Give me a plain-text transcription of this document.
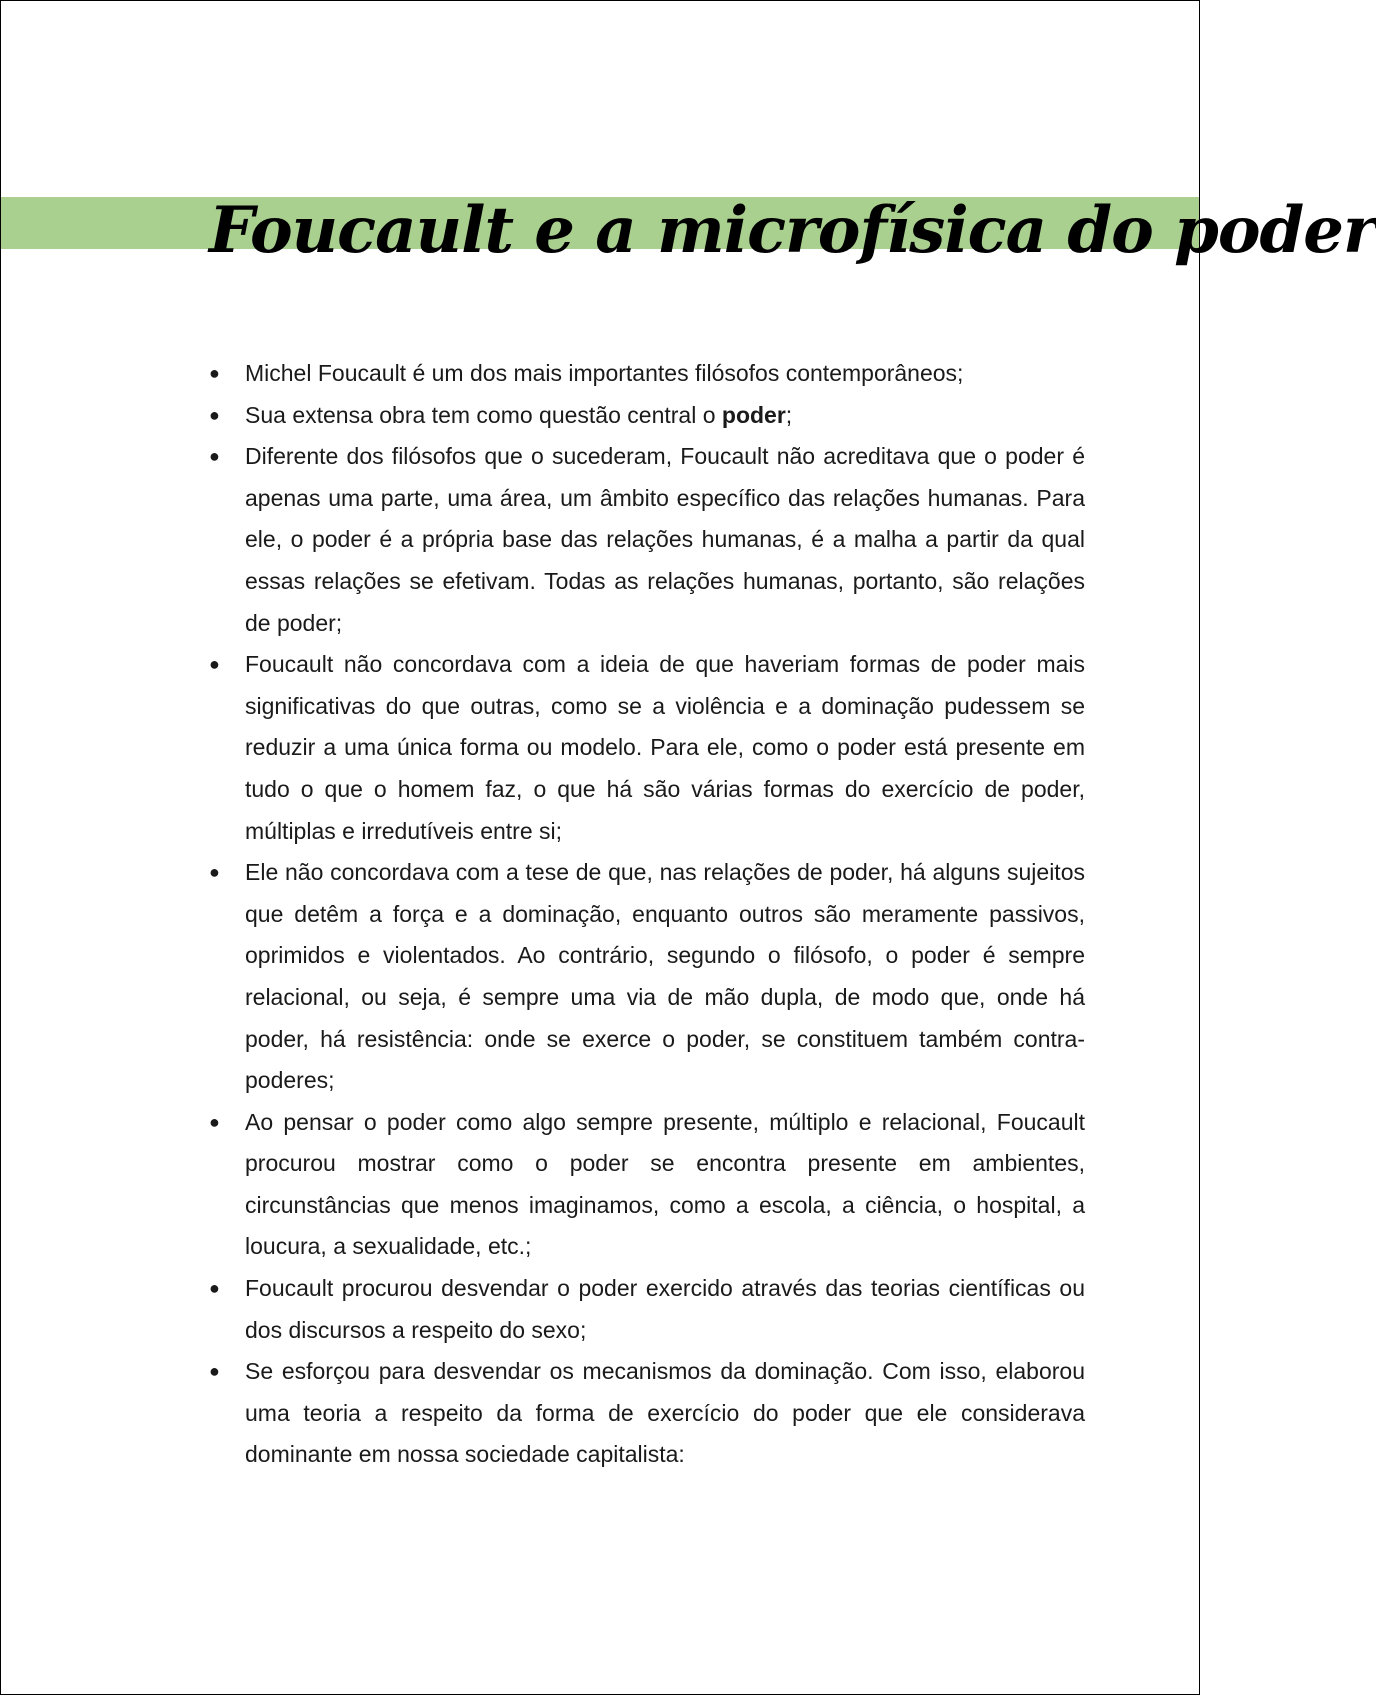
Foucault e a microfísica do poder
●	Michel Foucault é um dos mais importantes filósofos contemporâneos;
●	Sua extensa obra tem como questão central o poder;
●	Diferente dos filósofos que o sucederam, Foucault não acreditava que o poder é apenas uma parte, uma área, um âmbito específico das relações humanas. Para ele, o poder é a própria base das relações humanas, é a malha a partir da qual essas relações se efetivam. Todas as relações humanas, portanto, são relações de poder;
●	Foucault não concordava com a ideia de que haveriam formas de poder mais significativas do que outras, como se a violência e a dominação pudessem se reduzir a uma única forma ou modelo. Para ele, como o poder está presente em tudo o que o homem faz, o que há são várias formas do exercício de poder, múltiplas e irredutíveis entre si;
●	Ele não concordava com a tese de que, nas relações de poder, há alguns sujeitos que detêm a força e a dominação, enquanto outros são meramente passivos, oprimidos e violentados. Ao contrário, segundo o filósofo, o poder é sempre relacional, ou seja, é sempre uma via de mão dupla, de modo que, onde há poder, há resistência: onde se exerce o poder, se constituem também contra-poderes;
●	Ao pensar o poder como algo sempre presente, múltiplo e relacional, Foucault procurou mostrar como o poder se encontra presente em ambientes, circunstâncias que menos imaginamos, como a escola, a ciência, o hospital, a loucura, a sexualidade, etc.;
●	Foucault procurou desvendar o poder exercido através das teorias científicas ou dos discursos a respeito do sexo;
●	Se esforçou para desvendar os mecanismos da dominação. Com isso, elaborou uma teoria a respeito da forma de exercício do poder que ele considerava dominante em nossa sociedade capitalista:
